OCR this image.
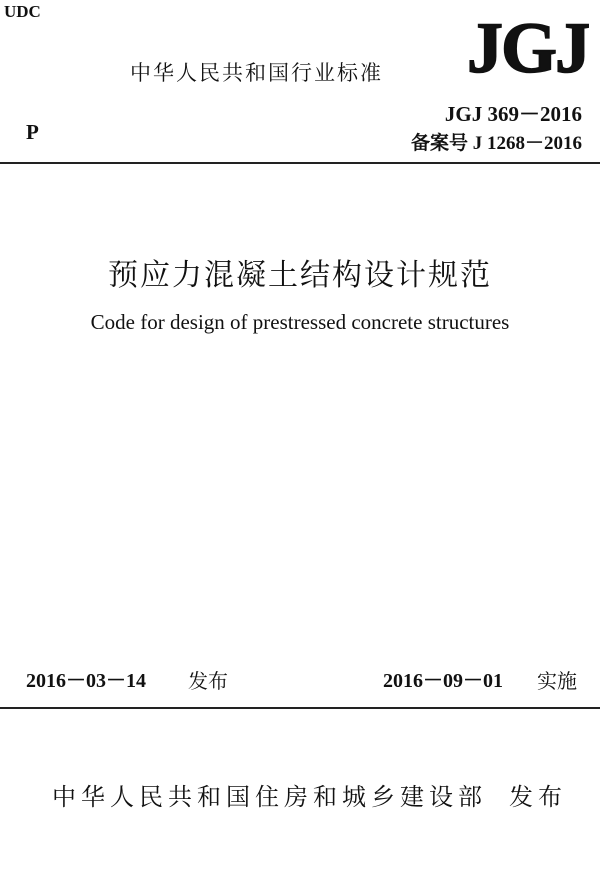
UDC
中华人民共和国行业标准
P
JGJ
JGJ 369－2016
备案号 J 1268－2016
预应力混凝土结构设计规范
Code for design of prestressed concrete structures
2016－03－14 发布	2016－09－01 实施
中华人民共和国住房和城乡建设部 发布
